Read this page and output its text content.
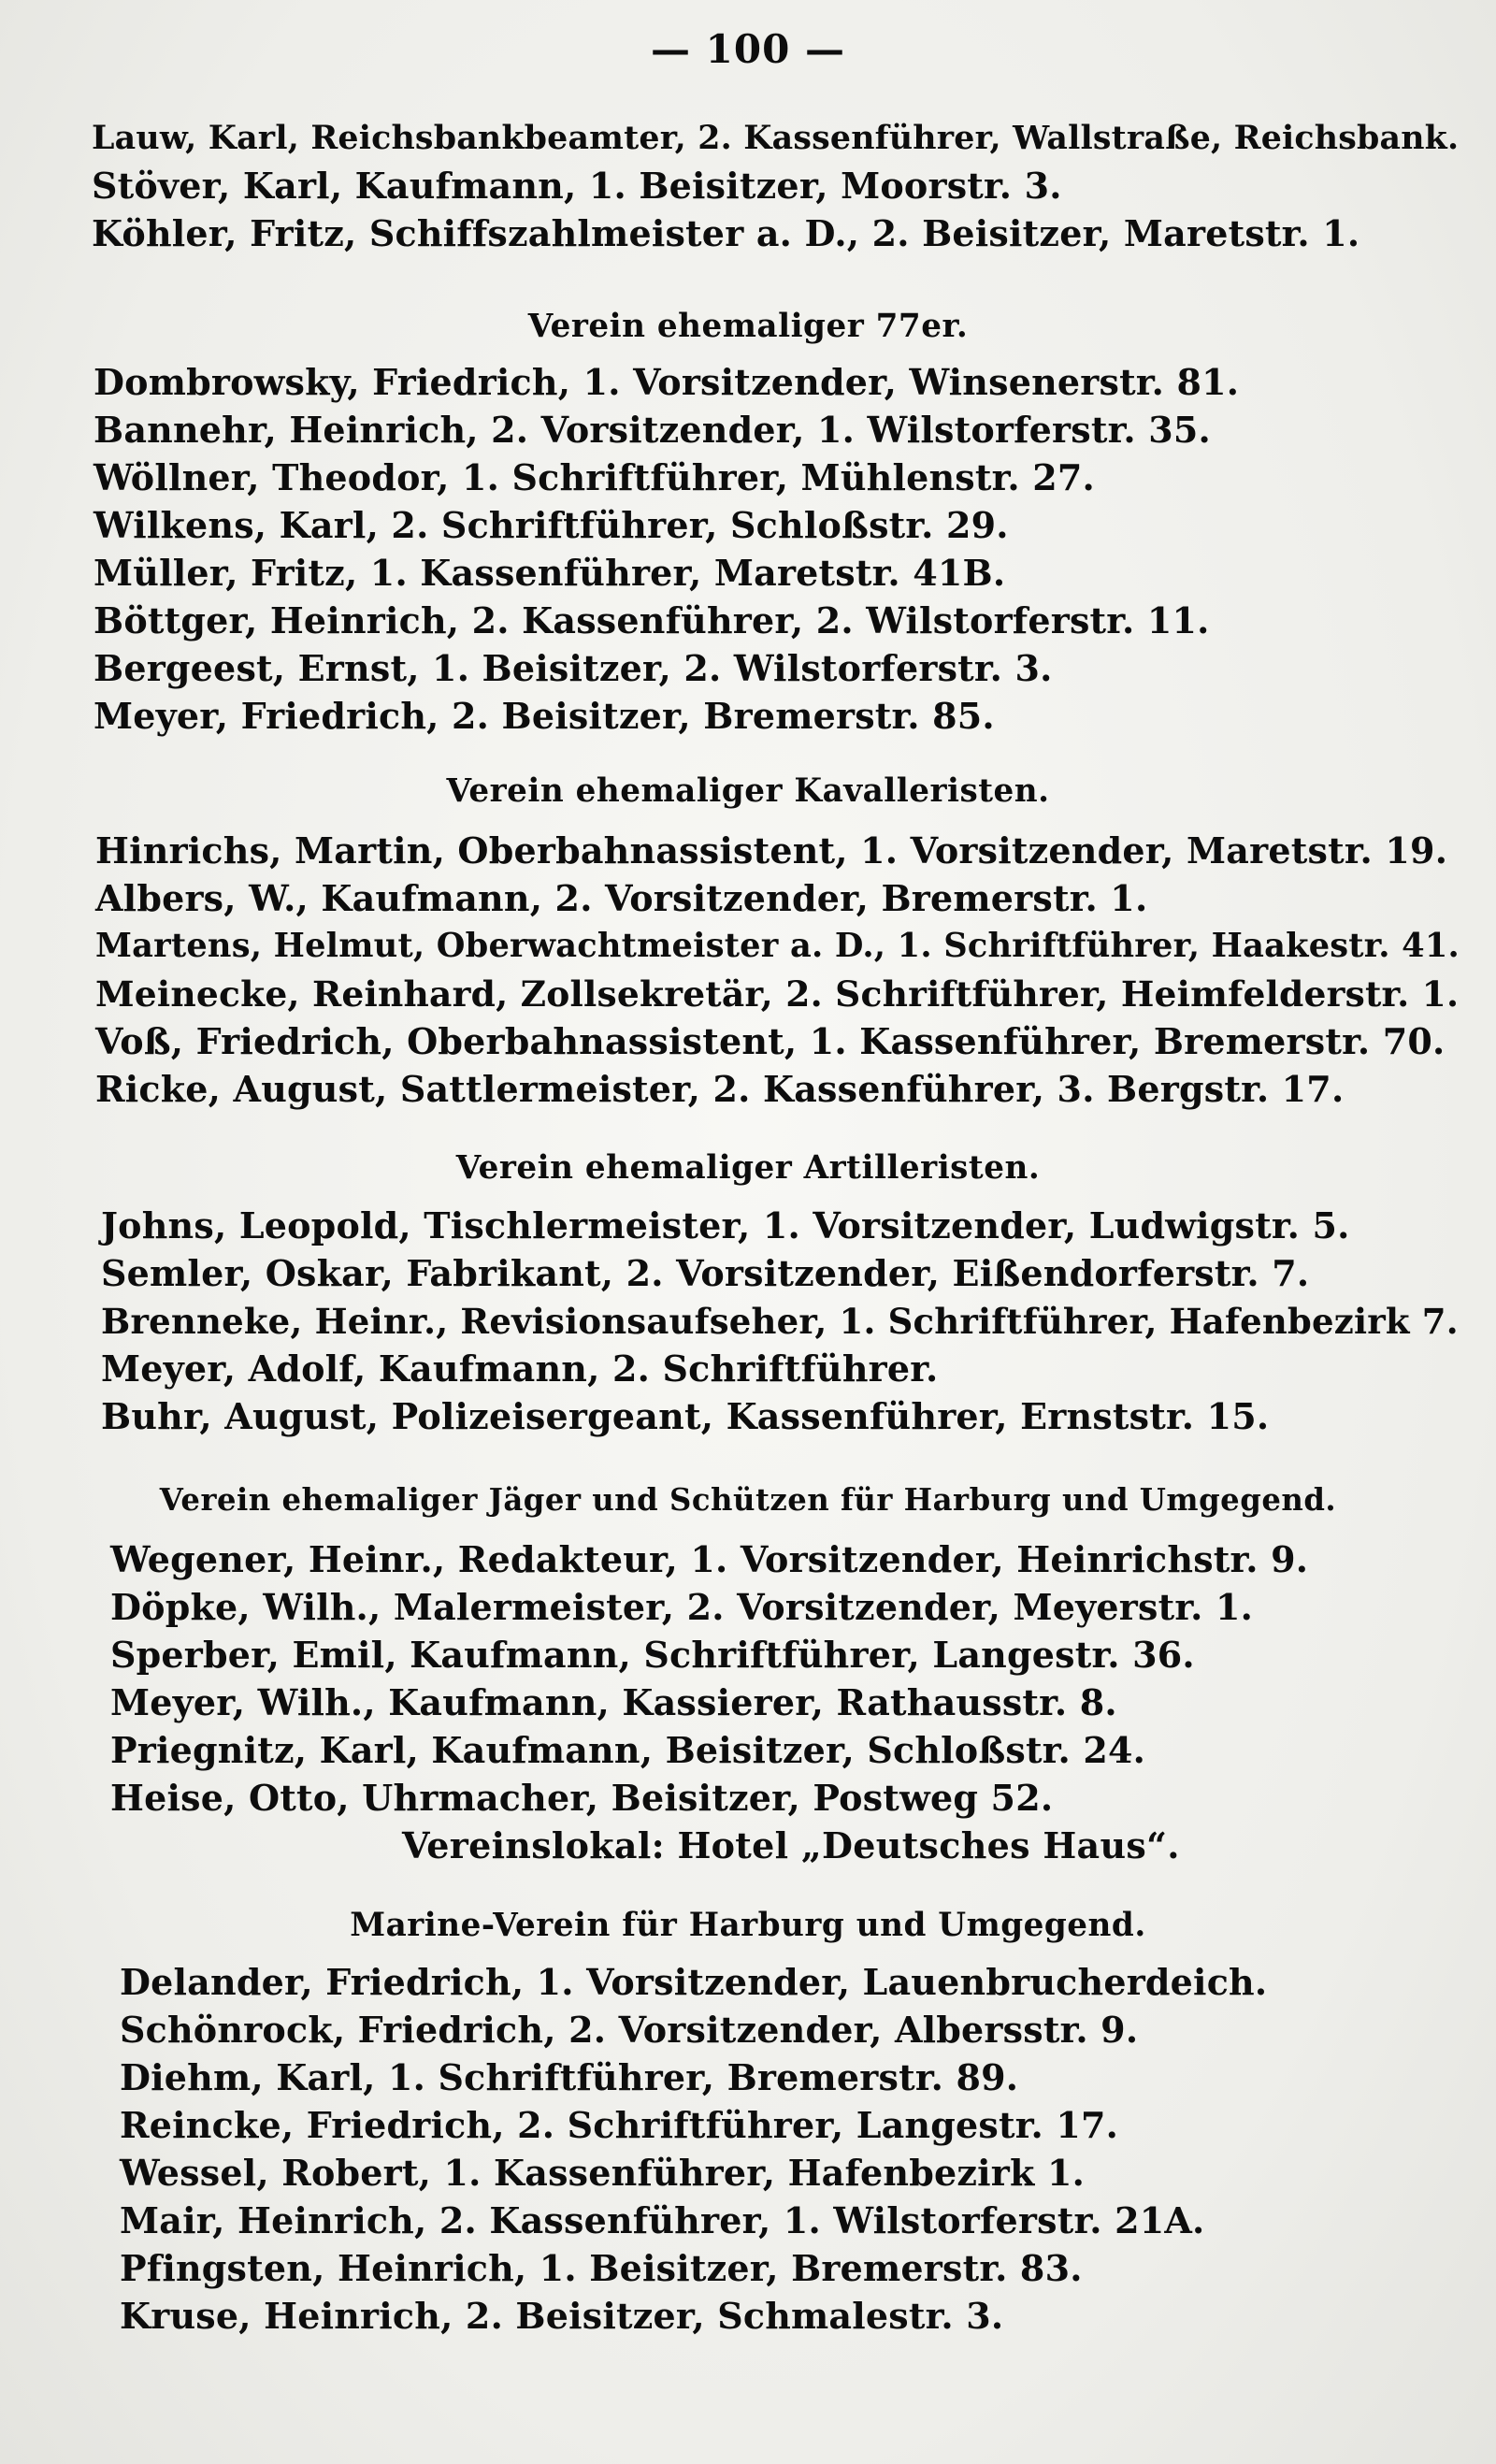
— 100 —
Lauw, Karl, Reichsbankbeamter, 2. Kassenführer, Wallstraße, Reichsbank.
Stöver, Karl, Kaufmann, 1. Beisitzer, Moorstr. 3.
Köhler, Fritz, Schiffszahlmeister a. D., 2. Beisitzer, Maretstr. 1.
Verein ehemaliger 77er.
Dombrowsky, Friedrich, 1. Vorsitzender, Winsenerstr. 81.
Bannehr, Heinrich, 2. Vorsitzender, 1. Wilstorferstr. 35.
Wöllner, Theodor, 1. Schriftführer, Mühlenstr. 27.
Wilkens, Karl, 2. Schriftführer, Schloßstr. 29.
Müller, Fritz, 1. Kassenführer, Maretstr. 41B.
Böttger, Heinrich, 2. Kassenführer, 2. Wilstorferstr. 11.
Bergeest, Ernst, 1. Beisitzer, 2. Wilstorferstr. 3.
Meyer, Friedrich, 2. Beisitzer, Bremerstr. 85.
Verein ehemaliger Kavalleristen.
Hinrichs, Martin, Oberbahnassistent, 1. Vorsitzender, Maretstr. 19.
Albers, W., Kaufmann, 2. Vorsitzender, Bremerstr. 1.
Martens, Helmut, Oberwachtmeister a. D., 1. Schriftführer, Haakestr. 41.
Meinecke, Reinhard, Zollsekretär, 2. Schriftführer, Heimfelderstr. 1.
Voß, Friedrich, Oberbahnassistent, 1. Kassenführer, Bremerstr. 70.
Ricke, August, Sattlermeister, 2. Kassenführer, 3. Bergstr. 17.
Verein ehemaliger Artilleristen.
Johns, Leopold, Tischlermeister, 1. Vorsitzender, Ludwigstr. 5.
Semler, Oskar, Fabrikant, 2. Vorsitzender, Eißendorferstr. 7.
Brenneke, Heinr., Revisionsaufseher, 1. Schriftführer, Hafenbezirk 7.
Meyer, Adolf, Kaufmann, 2. Schriftführer.
Buhr, August, Polizeisergeant, Kassenführer, Ernststr. 15.
Verein ehemaliger Jäger und Schützen für Harburg und Umgegend.
Wegener, Heinr., Redakteur, 1. Vorsitzender, Heinrichstr. 9.
Döpke, Wilh., Malermeister, 2. Vorsitzender, Meyerstr. 1.
Sperber, Emil, Kaufmann, Schriftführer, Langestr. 36.
Meyer, Wilh., Kaufmann, Kassierer, Rathausstr. 8.
Priegnitz, Karl, Kaufmann, Beisitzer, Schloßstr. 24.
Heise, Otto, Uhrmacher, Beisitzer, Postweg 52.
Vereinslokal: Hotel „Deutsches Haus“.
Marine-Verein für Harburg und Umgegend.
Delander, Friedrich, 1. Vorsitzender, Lauenbrucherdeich.
Schönrock, Friedrich, 2. Vorsitzender, Albersstr. 9.
Diehm, Karl, 1. Schriftführer, Bremerstr. 89.
Reincke, Friedrich, 2. Schriftführer, Langestr. 17.
Wessel, Robert, 1. Kassenführer, Hafenbezirk 1.
Mair, Heinrich, 2. Kassenführer, 1. Wilstorferstr. 21A.
Pfingsten, Heinrich, 1. Beisitzer, Bremerstr. 83.
Kruse, Heinrich, 2. Beisitzer, Schmalestr. 3.
